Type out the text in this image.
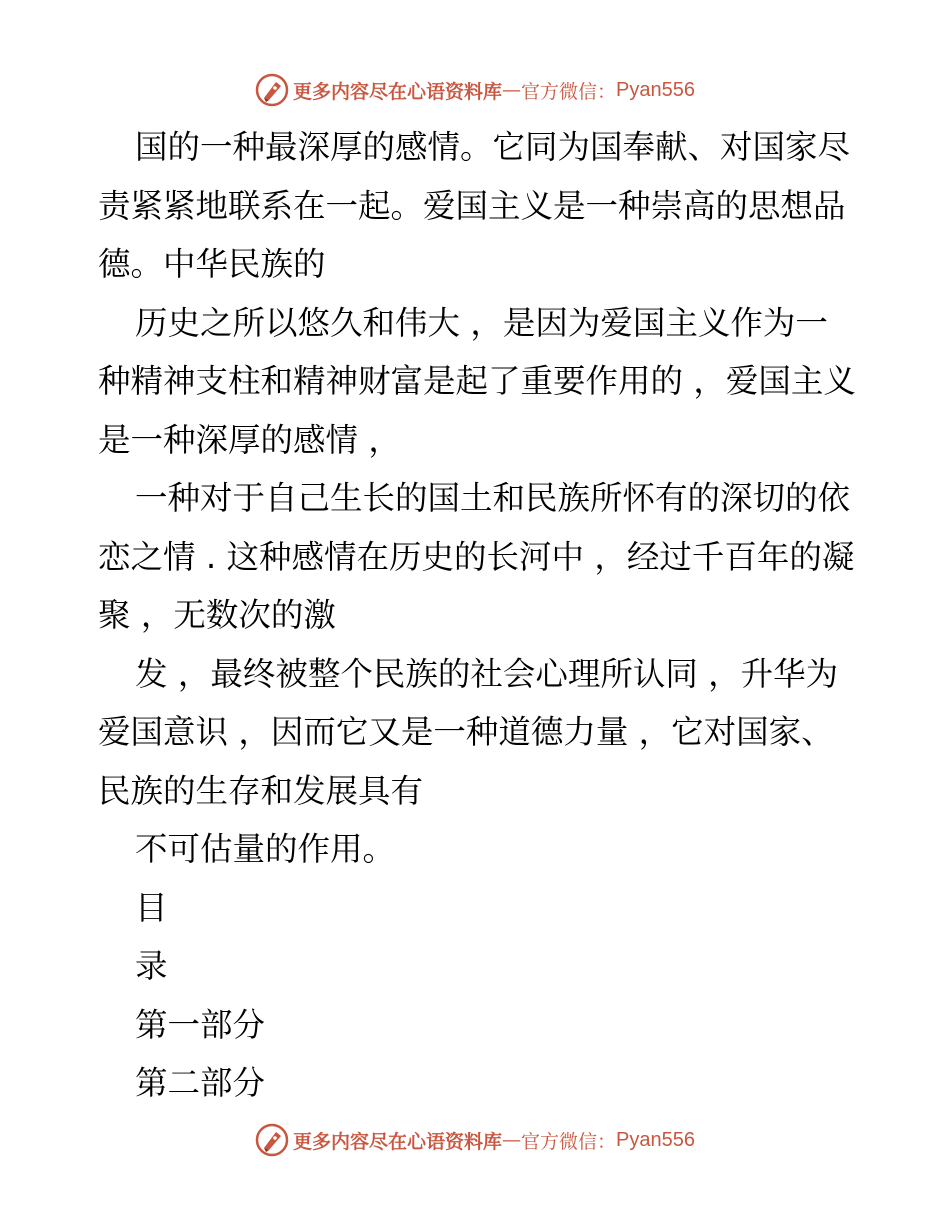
更多内容尽在心语资料库 — 官方微信： Pyan556

国的一种最深厚的感情。它同为国奉献、对国家尽责紧紧地联系在一起。爱国主义是一种崇高的思想品德。中华民族的

历史之所以悠久和伟大 ，是因为爱国主义作为一种精神支柱和精神财富是起了重要作用的 ，爱国主义是一种深厚的感情 ，

一种对于自己生长的国土和民族所怀有的深切的依恋之情 . 这种感情在历史的长河中 ，经过千百年的凝聚 ，无数次的激

发 ，最终被整个民族的社会心理所认同 ，升华为爱国意识 ，因而它又是一种道德力量 ，它对国家、民族的生存和发展具有

不可估量的作用。

目

录

第一部分

第二部分

更多内容尽在心语资料库 — 官方微信： Pyan556
